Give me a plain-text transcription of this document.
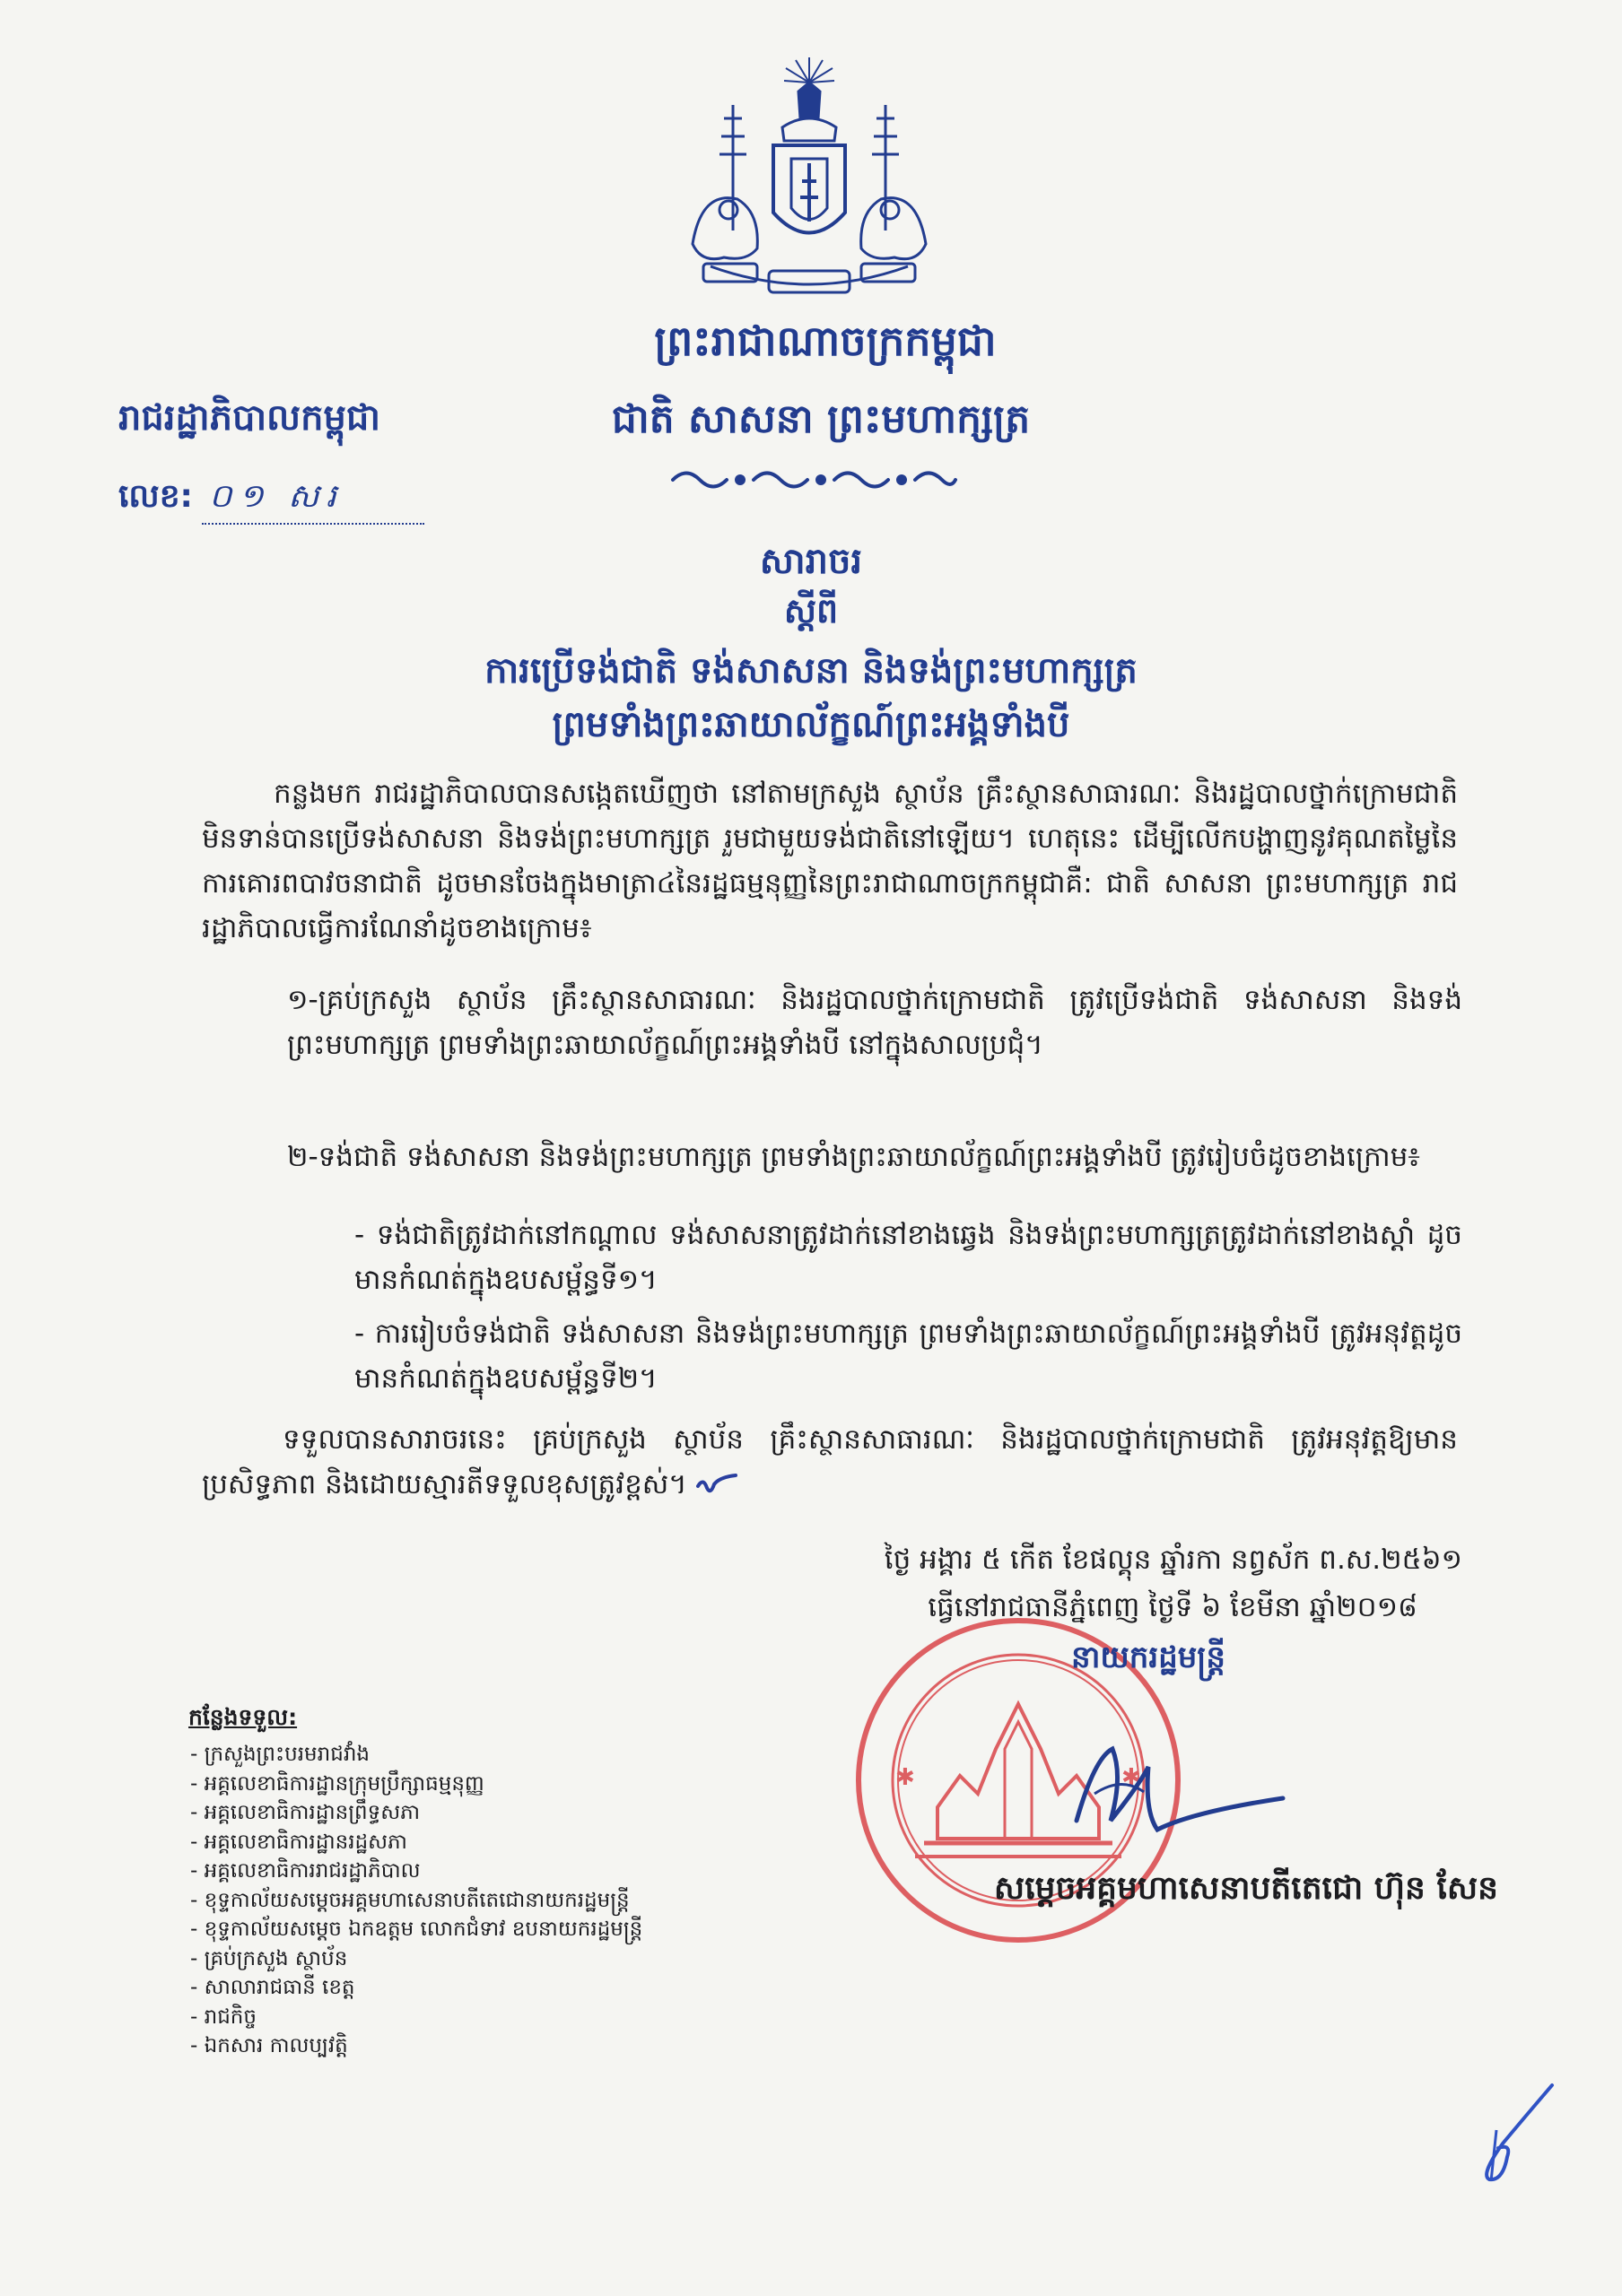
ព្រះរាជាណាចក្រកម្ពុជា
ជាតិ សាសនា ព្រះមហាក្សត្រ
រាជរដ្ឋាភិបាលកម្ពុជា
លេខ: ០១ សរ
សារាចរ
ស្តីពី
ការប្រើទង់ជាតិ ទង់សាសនា និងទង់ព្រះមហាក្សត្រ
ព្រមទាំងព្រះឆាយាល័ក្ខណ៍ព្រះអង្គទាំងបី
កន្លងមក រាជរដ្ឋាភិបាលបានសង្កេតឃើញថា នៅតាមក្រសួង ស្ថាប័ន គ្រឹះស្ថានសាធារណៈ និងរដ្ឋបាលថ្នាក់ក្រោមជាតិ មិនទាន់បានប្រើទង់សាសនា និងទង់ព្រះមហាក្សត្រ រួមជាមួយទង់ជាតិនៅឡើយ។ ហេតុនេះ ដើម្បីលើកបង្ហាញនូវគុណតម្លៃនៃការគោរពបាវចនាជាតិ ដូចមានចែងក្នុងមាត្រា៤នៃរដ្ឋធម្មនុញ្ញនៃព្រះរាជាណាចក្រកម្ពុជាគឺ: ជាតិ សាសនា ព្រះមហាក្សត្រ រាជរដ្ឋាភិបាលធ្វើការណែនាំដូចខាងក្រោម៖
១-គ្រប់ក្រសួង ស្ថាប័ន គ្រឹះស្ថានសាធារណៈ និងរដ្ឋបាលថ្នាក់ក្រោមជាតិ ត្រូវប្រើទង់ជាតិ ទង់សាសនា និងទង់ព្រះមហាក្សត្រ ព្រមទាំងព្រះឆាយាល័ក្ខណ៍ព្រះអង្គទាំងបី នៅក្នុងសាលប្រជុំ។
២-ទង់ជាតិ ទង់សាសនា និងទង់ព្រះមហាក្សត្រ ព្រមទាំងព្រះឆាយាល័ក្ខណ៍ព្រះអង្គទាំងបី ត្រូវរៀបចំដូចខាងក្រោម៖
- ទង់ជាតិត្រូវដាក់នៅកណ្តាល ទង់សាសនាត្រូវដាក់នៅខាងឆ្វេង និងទង់ព្រះមហាក្សត្រត្រូវដាក់នៅខាងស្តាំ ដូចមានកំណត់ក្នុងឧបសម្ព័ន្ធទី១។
- ការរៀបចំទង់ជាតិ ទង់សាសនា និងទង់ព្រះមហាក្សត្រ ព្រមទាំងព្រះឆាយាល័ក្ខណ៍ព្រះអង្គទាំងបី ត្រូវអនុវត្តដូចមានកំណត់ក្នុងឧបសម្ព័ន្ធទី២។
ទទួលបានសារាចរនេះ គ្រប់ក្រសួង ស្ថាប័ន គ្រឹះស្ថានសាធារណៈ និងរដ្ឋបាលថ្នាក់ក្រោមជាតិ ត្រូវអនុវត្តឱ្យមានប្រសិទ្ធភាព និងដោយស្មារតីទទួលខុសត្រូវខ្ពស់។
ថ្ងៃ អង្គារ ៥ កើត ខែផល្គុន ឆ្នាំរកា នព្វស័ក ព.ស.២៥៦១
ធ្វើនៅរាជធានីភ្នំពេញ ថ្ងៃទី ៦ ខែមីនា ឆ្នាំ២០១៨
✱	✱
នាយករដ្ឋមន្ត្រី
សម្តេចអគ្គមហាសេនាបតីតេជោ ហ៊ុន សែន
កន្លែងទទួល:
- ក្រសួងព្រះបរមរាជវាំង
- អគ្គលេខាធិការដ្ឋានក្រុមប្រឹក្សាធម្មនុញ្ញ
- អគ្គលេខាធិការដ្ឋានព្រឹទ្ធសភា
- អគ្គលេខាធិការដ្ឋានរដ្ឋសភា
- អគ្គលេខាធិការរាជរដ្ឋាភិបាល
- ខុទ្ទកាល័យសម្តេចអគ្គមហាសេនាបតីតេជោនាយករដ្ឋមន្ត្រី
- ខុទ្ទកាល័យសម្តេច ឯកឧត្តម លោកជំទាវ ឧបនាយករដ្ឋមន្ត្រី
- គ្រប់ក្រសួង ស្ថាប័ន
- សាលារាជធានី ខេត្ត
- រាជកិច្ច
- ឯកសារ កាលប្បវត្តិ
